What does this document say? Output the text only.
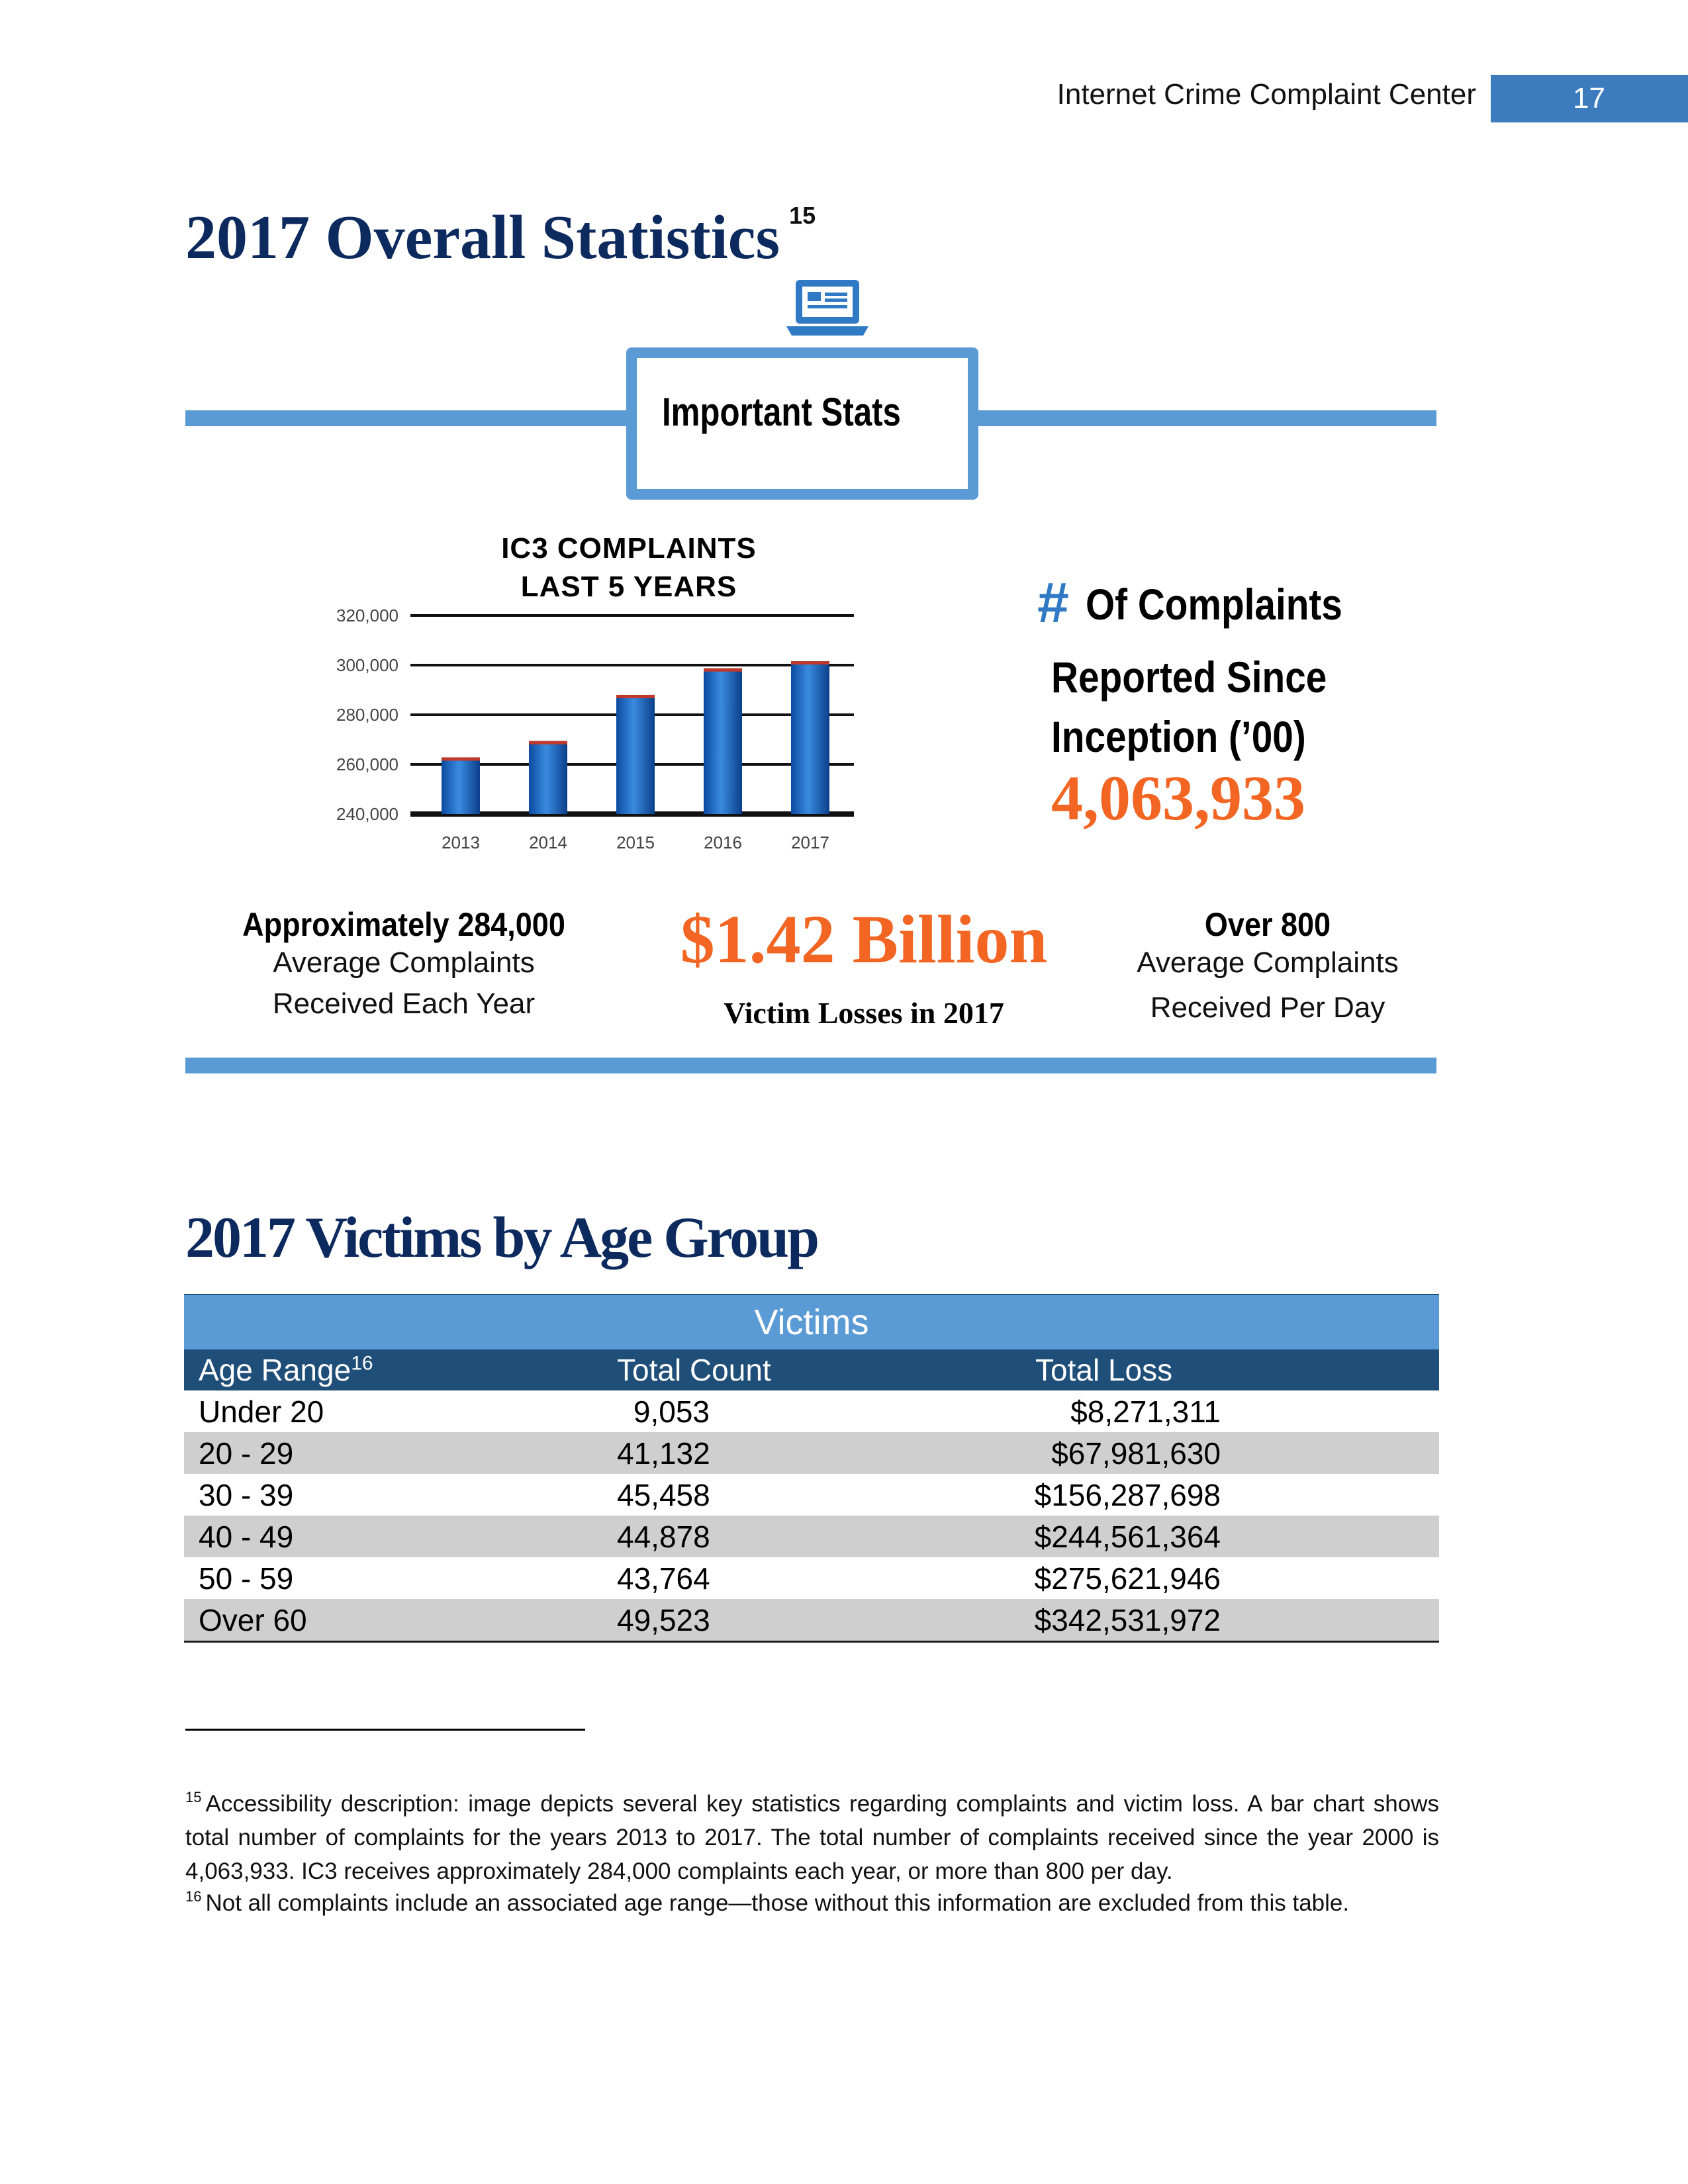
Internet Crime Complaint Center	17
2017 Overall Statistics $^{15}$
Important Stats
IC3 COMPLAINTS
LAST 5 YEARS
240,000
260,000
280,000
300,000
320,000
2013	2014	2015	2016	2017
# Of Complaints
Reported Since
Inception (’00)
4,063,933
Approximately 284,000
Average Complaints
Received Each Year
$1.42 Billion
Victim Losses in 2017
Over 800
Average Complaints
Received Per Day
2017 Victims by Age Group
Victims		
Age Range$^{16}$	Total Count	Total Loss
Under 20	9,053	$8,271,311
20 - 29	41,132	$67,981,630
30 - 39	45,458	$156,287,698
40 - 49	44,878	$244,561,364
50 - 59	43,764	$275,621,946
Over 60	49,523	$342,531,972
$^{15}$ Accessibility description: image depicts several key statistics regarding complaints and victim loss. A bar chart shows total number of complaints for the years 2013 to 2017. The total number of complaints received since the year 2000 is 4,063,933. IC3 receives approximately 284,000 complaints each year, or more than 800 per day.
$^{16}$ Not all complaints include an associated age range—those without this information are excluded from this table.
